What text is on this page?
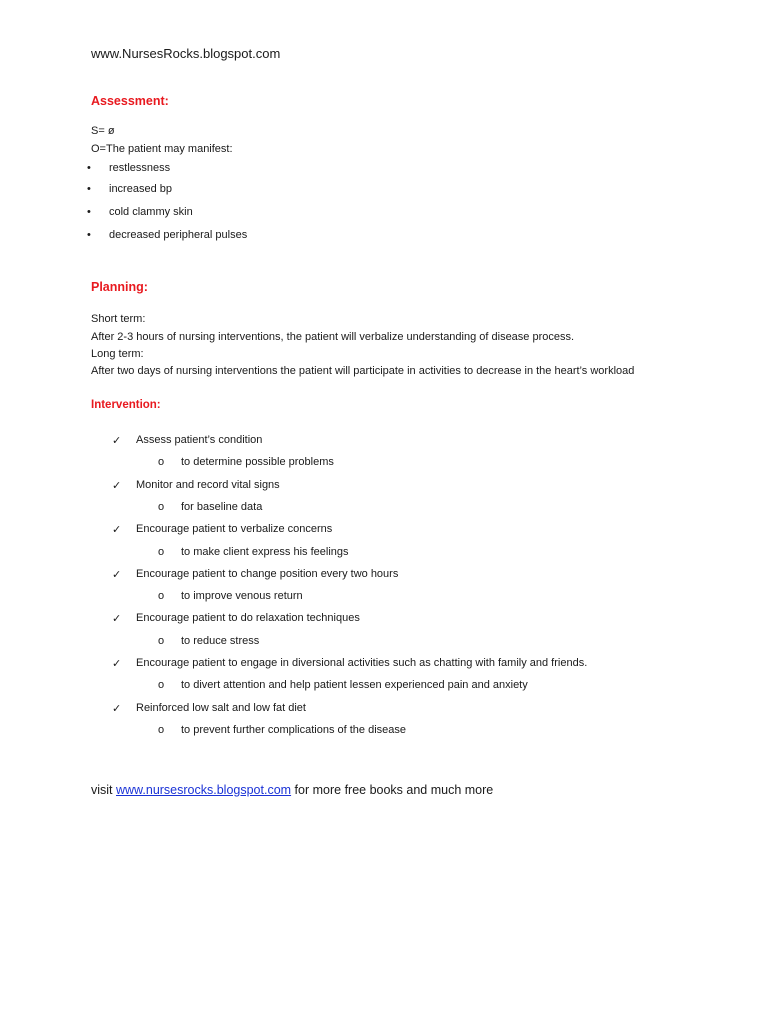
www.NursesRocks.blogspot.com
Assessment:
S= ø
O=The patient may manifest:
• restlessness
• increased bp
• cold clammy skin
• decreased peripheral pulses
Planning:
Short term:
After 2-3 hours of nursing interventions, the patient will verbalize understanding of disease process.
Long term:
After two days of nursing interventions the patient will participate in activities to decrease in the heart’s workload
Intervention:
✓ Assess patient’s condition
o to determine possible problems
✓ Monitor and record vital signs
o for baseline data
✓ Encourage patient to verbalize concerns
o to make client express his feelings
✓ Encourage patient to change position every two hours
o to improve venous return
✓ Encourage patient to do relaxation techniques
o to reduce stress
✓ Encourage patient to engage in diversional activities such as chatting with family and friends.
o to divert attention and help patient lessen experienced pain and anxiety
✓ Reinforced low salt and low fat diet
o to prevent further complications of the disease
visit www.nursesrocks.blogspot.com for more free books and much more
